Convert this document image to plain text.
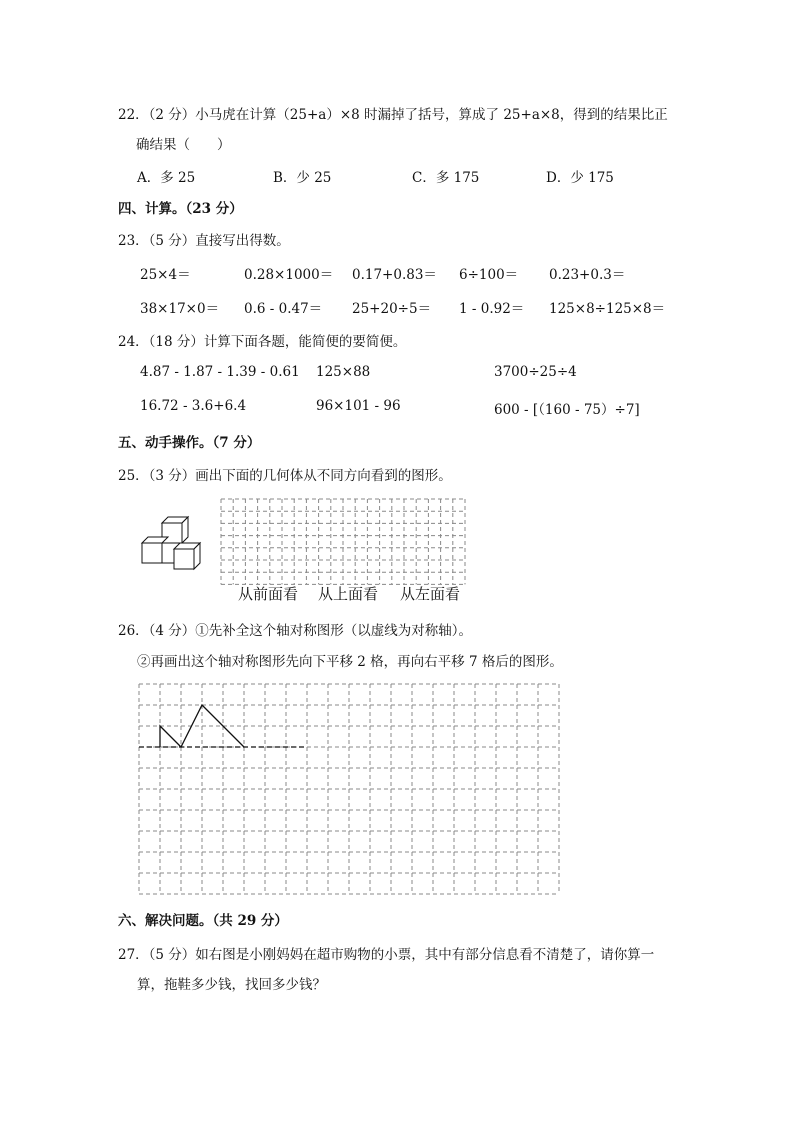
22．（2 分）小马虎在计算（25+a）×8 时漏掉了括号，算成了 25+a×8，得到的结果比正
确结果（　　）
A．多 25	B．少 25	C．多 175	D．少 175
四、计算。（23 分）
23．（5 分）直接写出得数。
25×4＝	0.28×1000＝ 0.17+0.83＝ 6÷100＝ 0.23+0.3＝
38×17×0＝ 0.6 - 0.47＝ 25+20÷5＝ 1 - 0.92＝ 125×8÷125×8＝
24．（18 分）计算下面各题，能简便的要简便。
4.87 - 1.87 - 1.39 - 0.61 125×88	3700÷25÷4
16.72 - 3.6+6.4	96×101 - 96	600 - [（160 - 75）÷7]
五、动手操作。（7 分）
25．（3 分）画出下面的几何体从不同方向看到的图形。
从前面看 从上面看 从左面看
26．（4 分）①先补全这个轴对称图形（以虚线为对称轴）。
②再画出这个轴对称图形先向下平移 2 格，再向右平移 7 格后的图形。
六、解决问题。（共 29 分）
27．（5 分）如右图是小刚妈妈在超市购物的小票，其中有部分信息看不清楚了，请你算一
算，拖鞋多少钱，找回多少钱？
